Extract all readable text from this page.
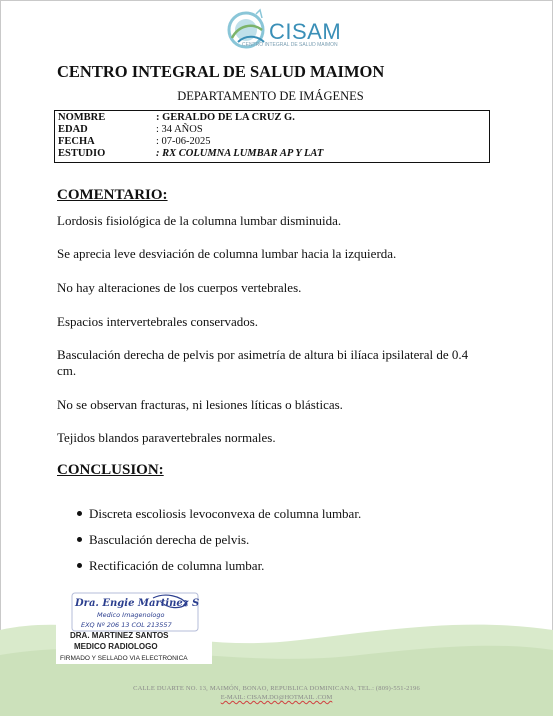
CISAM
CENTRO INTEGRAL DE SALUD MAIMON
CENTRO INTEGRAL DE SALUD MAIMON
DEPARTAMENTO DE IMÁGENES
NOMBRE	: GERALDO DE LA CRUZ G.
EDAD	: 34 AÑOS
FECHA	: 07-06-2025
ESTUDIO	: RX COLUMNA LUMBAR AP Y LAT
COMENTARIO:
Lordosis fisiológica de la columna lumbar disminuida.
Se aprecia leve desviación de columna lumbar hacia la izquierda.
No hay alteraciones de los cuerpos vertebrales.
Espacios intervertebrales conservados.
Basculación derecha de pelvis por asimetría de altura bi ilíaca ipsilateral de 0.4 cm.
No se observan fracturas, ni lesiones líticas o blásticas.
Tejidos blandos paravertebrales normales.
CONCLUSION:
Discreta escoliosis levoconvexa de columna lumbar.
Basculación derecha de pelvis.
Rectificación de columna lumbar.
Dra. Engie Martinez S
Medico Imagenologo
EXQ Nº 206 13 COL 213557
DRA. MARTINEZ SANTOS
MEDICO RADIOLOGO
FIRMADO Y SELLADO VIA ELECTRONICA
CALLE DUARTE NO. 13, MAIMÓN, BONAO, REPUBLICA DOMINICANA, TEL.: (809)-551-2196
E-MAIL: CISAM.DO@HOTMAIL .COM
